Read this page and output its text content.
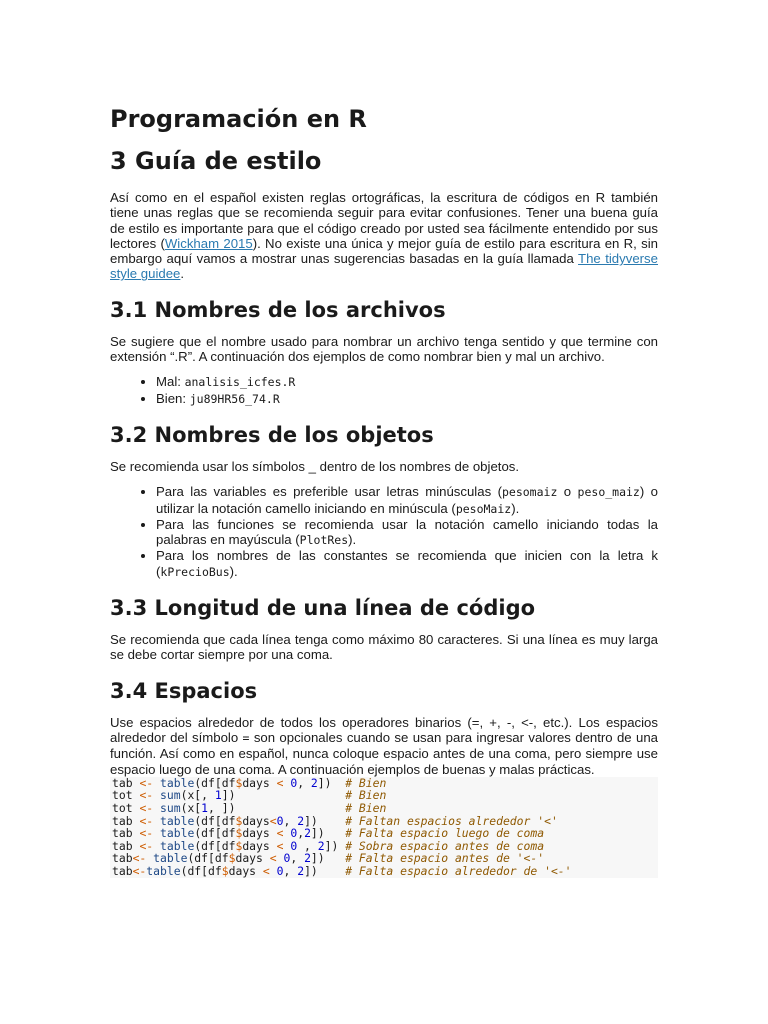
Programación en R
3 Guía de estilo

Así como en el español existen reglas ortográficas, la escritura de códigos en R también tiene unas reglas que se recomienda seguir para evitar confusiones. Tener una buena guía de estilo es importante para que el código creado por usted sea fácilmente entendido por sus lectores (Wickham 2015). No existe una única y mejor guía de estilo para escritura en R, sin embargo aquí vamos a mostrar unas sugerencias basadas en la guía llamada The tidyverse style guidee.

3.1 Nombres de los archivos

Se sugiere que el nombre usado para nombrar un archivo tenga sentido y que termine con extensión “.R”. A continuación dos ejemplos de como nombrar bien y mal un archivo.

• Mal: analisis_icfes.R
• Bien: ju89HR56_74.R
3.2 Nombres de los objetos

Se recomienda usar los símbolos _ dentro de los nombres de objetos.

• Para las variables es preferible usar letras minúsculas (pesomaiz o peso_maiz) o utilizar la notación camello iniciando en minúscula (pesoMaiz).
• Para las funciones se recomienda usar la notación camello iniciando todas la palabras en mayúscula (PlotRes).
• Para los nombres de las constantes se recomienda que inicien con la letra k (kPrecioBus).
3.3 Longitud de una línea de código

Se recomienda que cada línea tenga como máximo 80 caracteres. Si una línea es muy larga se debe cortar siempre por una coma.

3.4 Espacios

Use espacios alrededor de todos los operadores binarios (=, +, -, <-, etc.). Los espacios alrededor del símbolo = son opcionales cuando se usan para ingresar valores dentro de una función. Así como en español, nunca coloque espacio antes de una coma, pero siempre use espacio luego de una coma. A continuación ejemplos de buenas y malas prácticas.

tab <- table(df[df$days < 0, 2])  # Bien
tot <- sum(x[, 1])                # Bien
tot <- sum(x[1, ])                # Bien
tab <- table(df[df$days<0, 2])    # Faltan espacios alrededor '<'
tab <- table(df[df$days < 0,2])   # Falta espacio luego de coma
tab <- table(df[df$days < 0 , 2]) # Sobra espacio antes de coma
tab<- table(df[df$days < 0, 2])   # Falta espacio antes de '<-'
tab<-table(df[df$days < 0, 2])    # Falta espacio alrededor de '<-'
